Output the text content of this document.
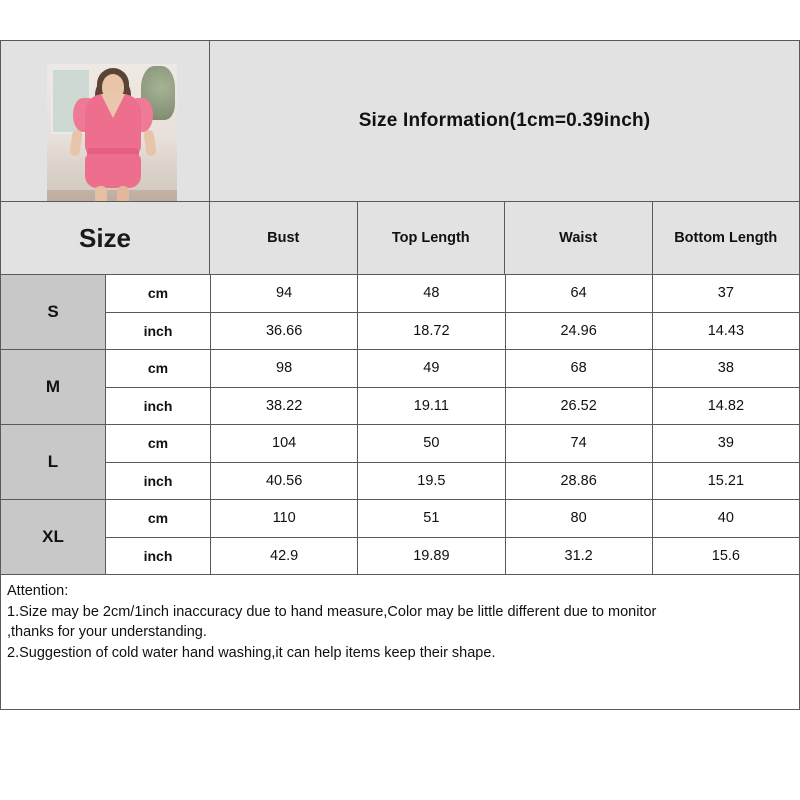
Size Information(1cm=0.39inch)
Size	Bust	Top Length	Waist	Bottom Length
S
cm	94	48	64	37
inch	36.66	18.72	24.96	14.43
M
cm	98	49	68	38
inch	38.22	19.11	26.52	14.82
L
cm	104	50	74	39
inch	40.56	19.5	28.86	15.21
XL
cm	110	51	80	40
inch	42.9	19.89	31.2	15.6
Attention:
1.Size may be 2cm/1inch inaccuracy due to hand measure,Color may be little different due to monitor
,thanks for your understanding.
2.Suggestion of cold water hand washing,it can help items keep their shape.
